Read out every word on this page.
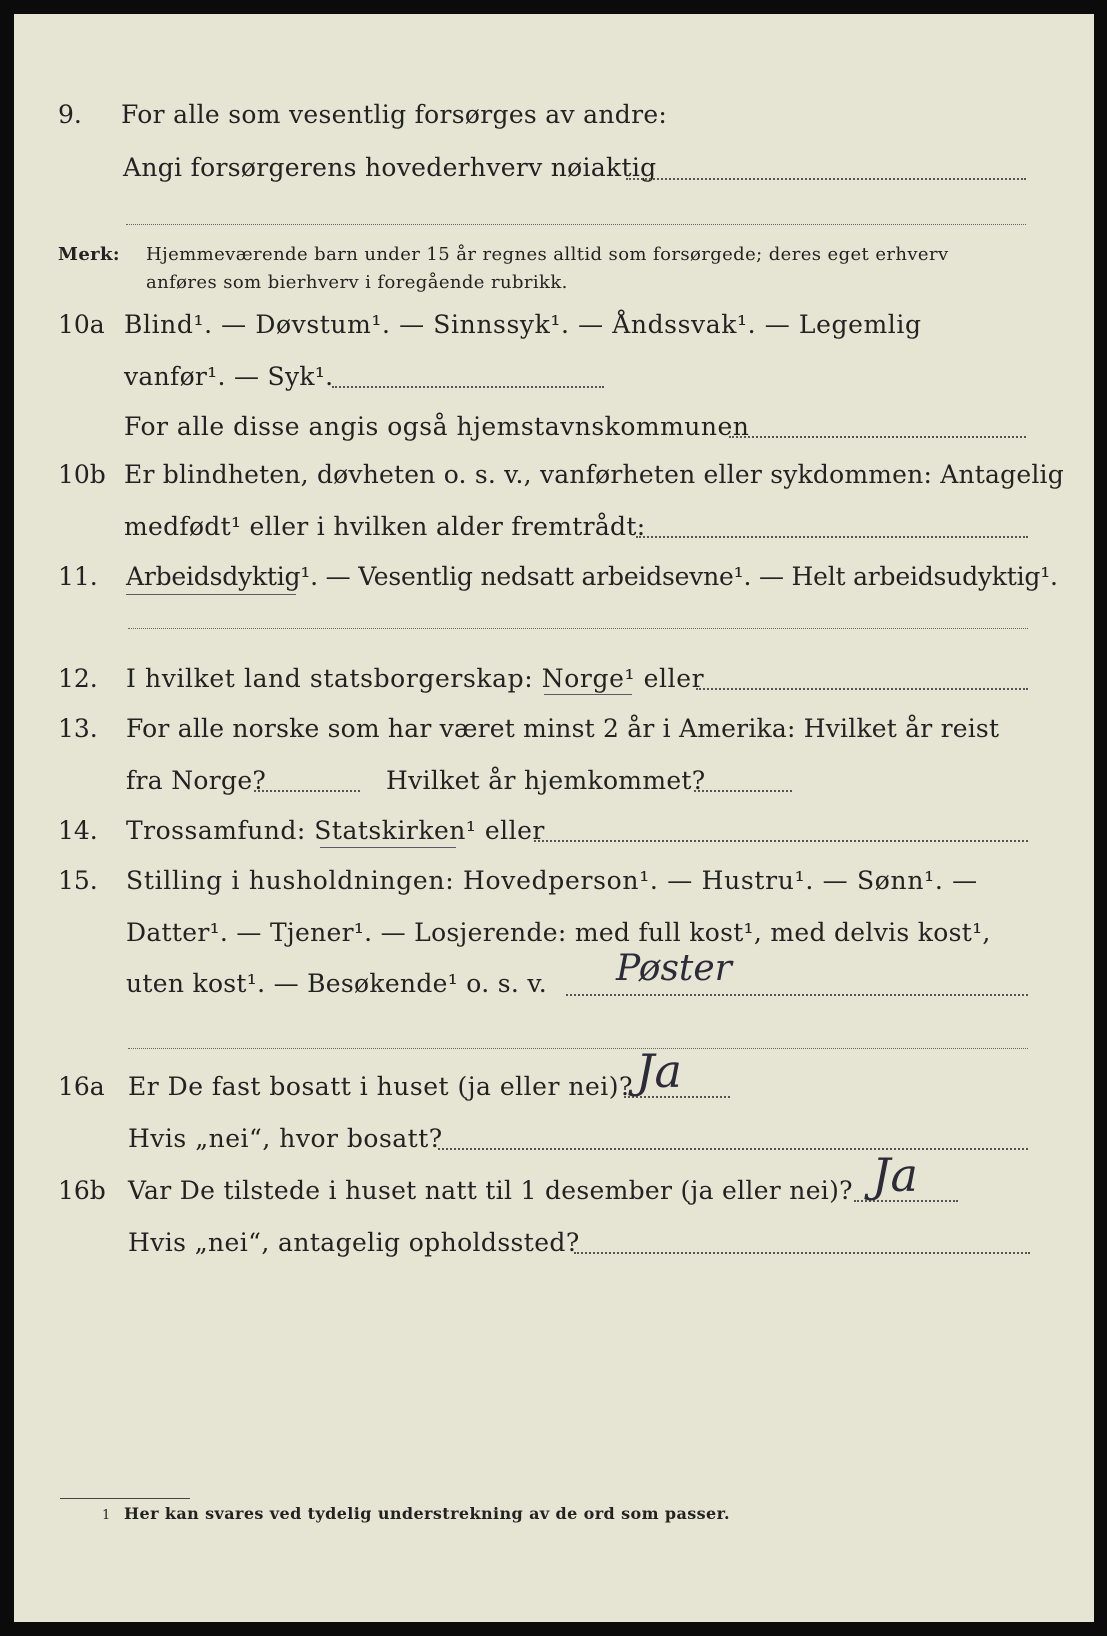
9. For alle som vesentlig forsørges av andre:
Angi forsørgerens hovederhverv nøiaktig
Merk: Hjemmeværende barn under 15 år regnes alltid som forsørgede; deres eget erhverv
anføres som bierhverv i foregående rubrikk.
10a Blind¹. — Døvstum¹. — Sinnssyk¹. — Åndssvak¹. — Legemlig
vanfør¹. — Syk¹.
For alle disse angis også hjemstavnskommunen
10b Er blindheten, døvheten o. s. v., vanførheten eller sykdommen: Antagelig
medfødt¹ eller i hvilken alder fremtrådt:
11. Arbeidsdyktig¹. — Vesentlig nedsatt arbeidsevne¹. — Helt arbeidsudyktig¹.
12. I hvilket land statsborgerskap: Norge¹ eller
13. For alle norske som har været minst 2 år i Amerika: Hvilket år reist
fra Norge?	Hvilket år hjemkommet?
14. Trossamfund: Statskirken¹ eller
15. Stilling i husholdningen: Hovedperson¹. — Hustru¹. — Sønn¹. —
Datter¹. — Tjener¹. — Losjerende: med full kost¹, med delvis kost¹,
uten kost¹. — Besøkende¹ o. s. v. Pøster
16a Er De fast bosatt i huset (ja eller nei)? Ja
Hvis „nei“, hvor bosatt?
16b Var De tilstede i huset natt til 1 desember (ja eller nei)? Ja
Hvis „nei“, antagelig opholdssted?
1 Her kan svares ved tydelig understrekning av de ord som passer.
